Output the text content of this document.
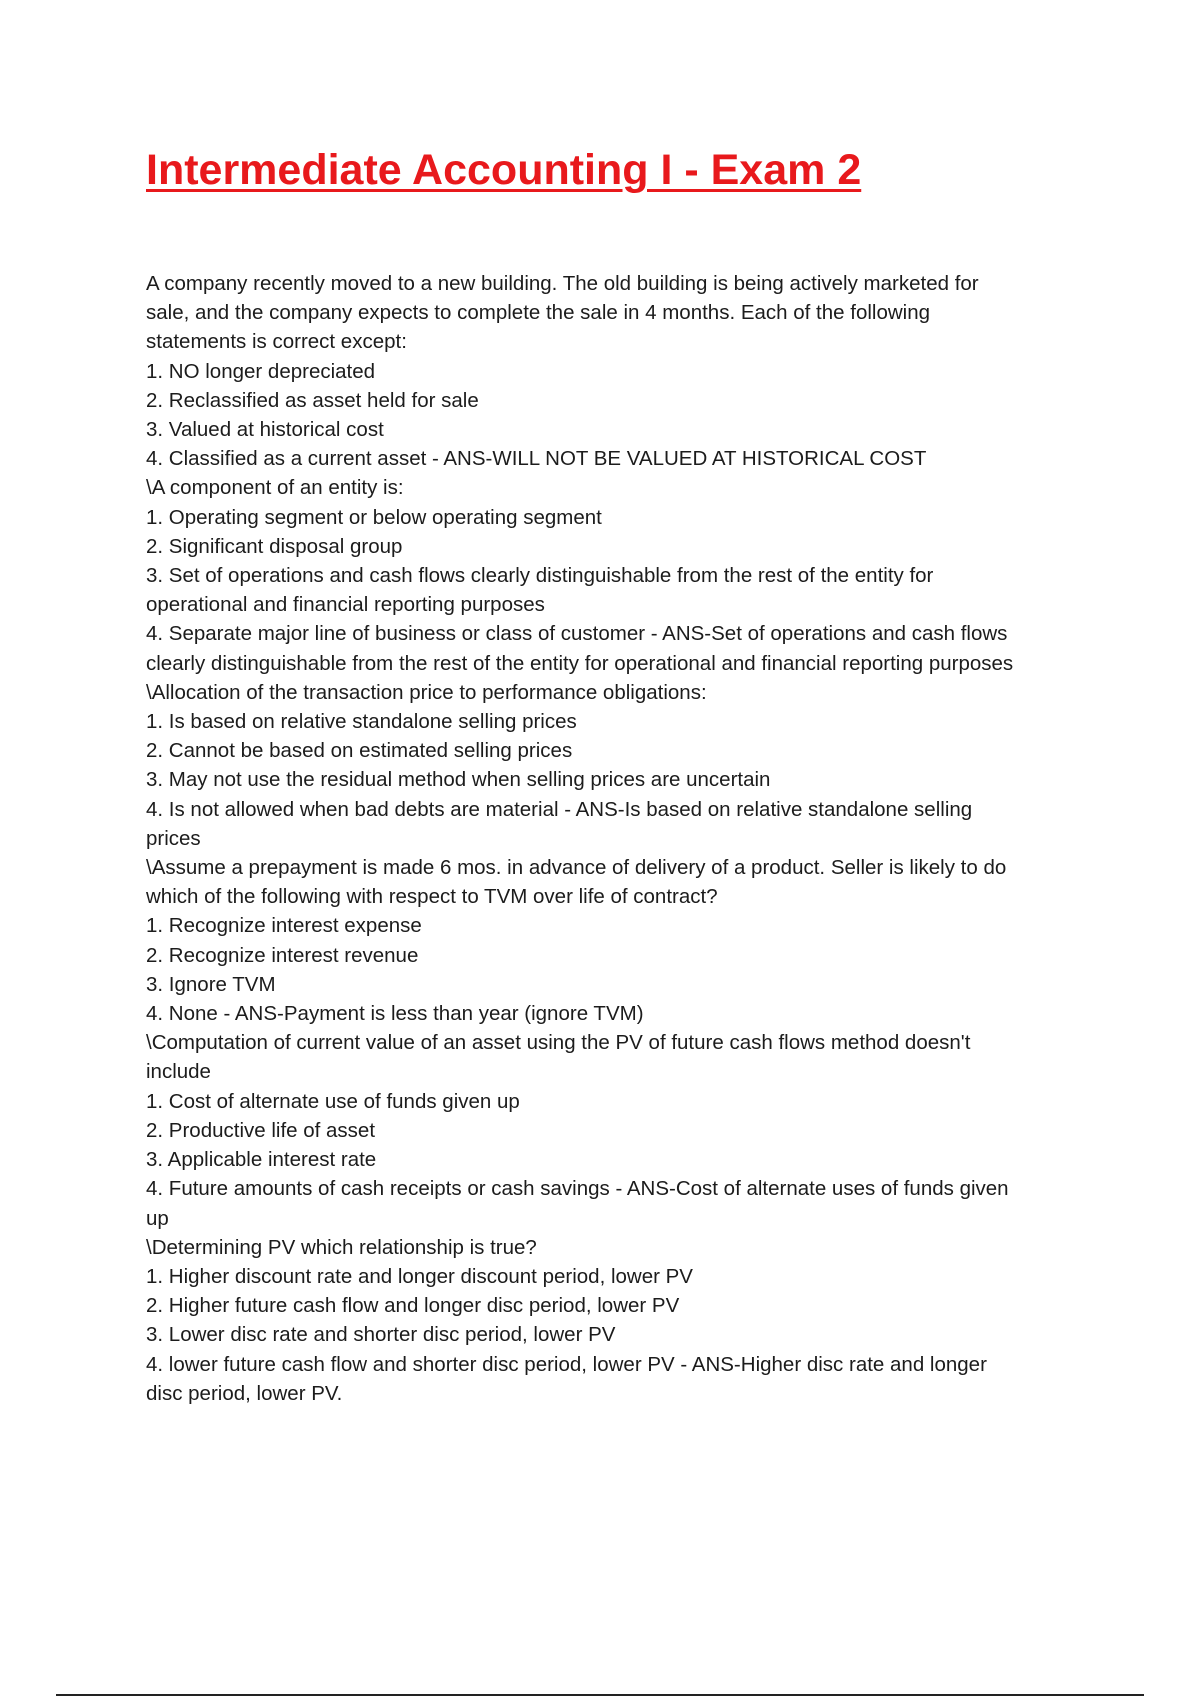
Intermediate Accounting I - Exam 2
A company recently moved to a new building. The old building is being actively marketed for
sale, and the company expects to complete the sale in 4 months. Each of the following
statements is correct except:
1. NO longer depreciated
2. Reclassified as asset held for sale
3. Valued at historical cost
4. Classified as a current asset - ANS-WILL NOT BE VALUED AT HISTORICAL COST
\A component of an entity is:
1. Operating segment or below operating segment
2. Significant disposal group
3. Set of operations and cash flows clearly distinguishable from the rest of the entity for
operational and financial reporting purposes
4. Separate major line of business or class of customer - ANS-Set of operations and cash flows
clearly distinguishable from the rest of the entity for operational and financial reporting purposes
\Allocation of the transaction price to performance obligations:
1. Is based on relative standalone selling prices
2. Cannot be based on estimated selling prices
3. May not use the residual method when selling prices are uncertain
4. Is not allowed when bad debts are material - ANS-Is based on relative standalone selling
prices
\Assume a prepayment is made 6 mos. in advance of delivery of a product. Seller is likely to do
which of the following with respect to TVM over life of contract?
1. Recognize interest expense
2. Recognize interest revenue
3. Ignore TVM
4. None - ANS-Payment is less than year (ignore TVM)
\Computation of current value of an asset using the PV of future cash flows method doesn't
include
1. Cost of alternate use of funds given up
2. Productive life of asset
3. Applicable interest rate
4. Future amounts of cash receipts or cash savings - ANS-Cost of alternate uses of funds given
up
\Determining PV which relationship is true?
1. Higher discount rate and longer discount period, lower PV
2. Higher future cash flow and longer disc period, lower PV
3. Lower disc rate and shorter disc period, lower PV
4. lower future cash flow and shorter disc period, lower PV - ANS-Higher disc rate and longer
disc period, lower PV.
